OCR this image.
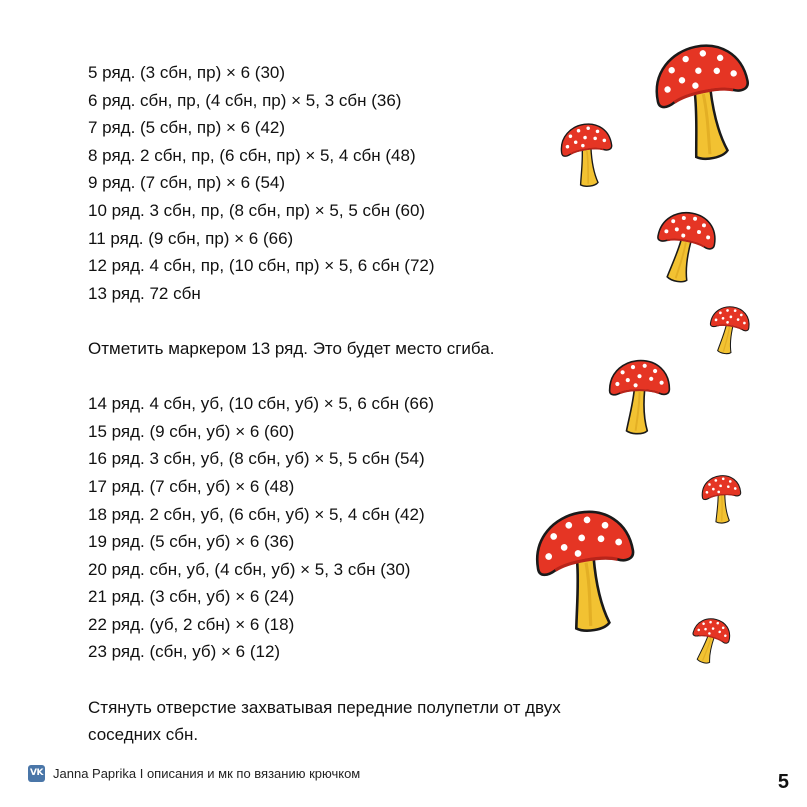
5 ряд. (3 сбн, пр) × 6 (30)
6 ряд. сбн, пр, (4 сбн, пр) × 5, 3 сбн (36)
7 ряд. (5 сбн, пр) × 6 (42)
8 ряд. 2 сбн, пр, (6 сбн, пр) × 5, 4 сбн (48)
9 ряд. (7 сбн, пр) × 6 (54)
10 ряд. 3 сбн, пр, (8 сбн, пр) × 5, 5 сбн (60)
11 ряд. (9 сбн, пр) × 6 (66)
12 ряд. 4 сбн, пр, (10 сбн, пр) × 5, 6 сбн (72)
13 ряд. 72 сбн
Отметить маркером 13 ряд. Это будет место сгиба.
14 ряд. 4 сбн, уб, (10 сбн, уб) × 5, 6 сбн (66)
15 ряд. (9 сбн, уб) × 6 (60)
16 ряд. 3 сбн, уб, (8 сбн, уб) × 5, 5 сбн (54)
17 ряд. (7 сбн, уб) × 6 (48)
18 ряд. 2 сбн, уб, (6 сбн, уб) × 5, 4 сбн (42)
19 ряд. (5 сбн, уб) × 6 (36)
20 ряд. сбн, уб, (4 сбн, уб) × 5, 3 сбн (30)
21 ряд. (3 сбн, уб) × 6 (24)
22 ряд. (уб, 2 сбн) × 6 (18)
23 ряд. (сбн, уб) × 6 (12)
Стянуть отверстие захватывая передние полупетли от двух соседних сбн.
VK Janna Paprika I описания и мк по вязанию крючком	5
